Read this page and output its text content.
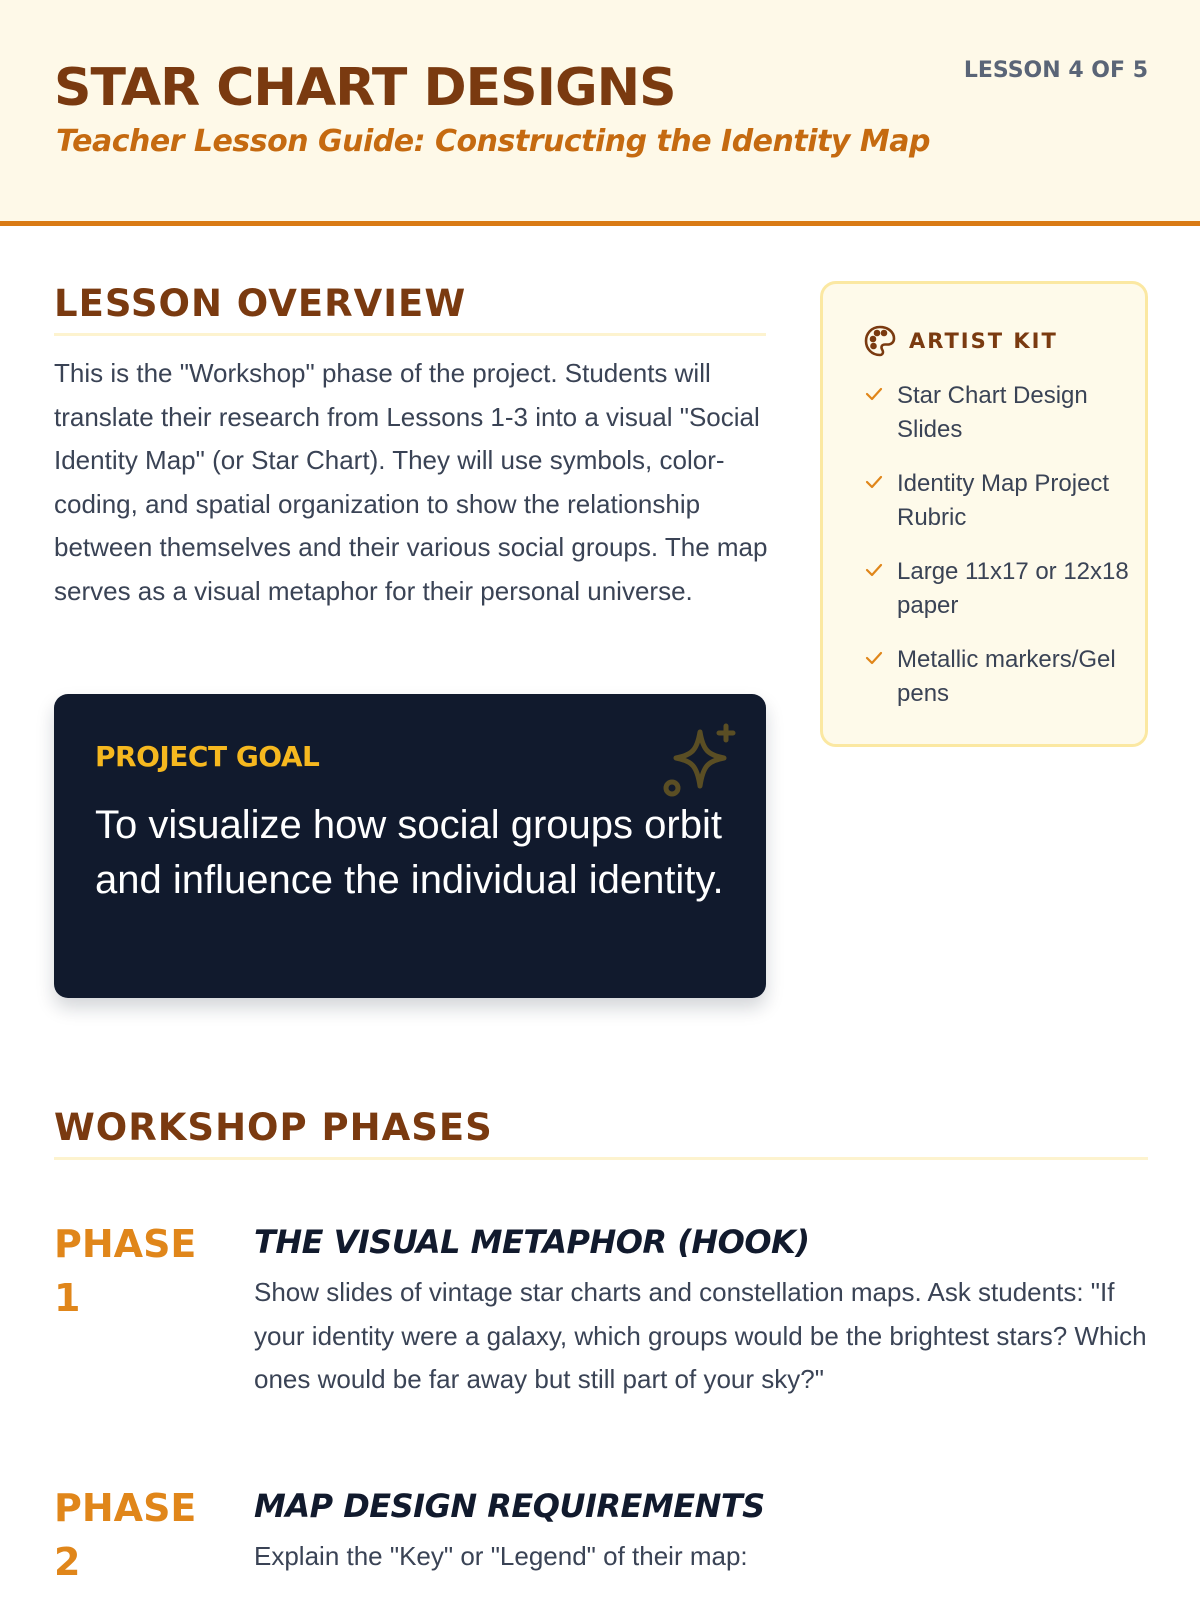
STAR CHART DESIGNS
Teacher Lesson Guide: Constructing the Identity Map
LESSON 4 OF 5
LESSON OVERVIEW

This is the "Workshop" phase of the project. Students will translate their research from Lessons 1-3 into a visual "Social Identity Map" (or Star Chart). They will use symbols, color-coding, and spatial organization to show the relationship between themselves and their various social groups. The map serves as a visual metaphor for their personal universe.

PROJECT GOAL
To visualize how social groups orbit and influence the individual identity.
ARTIST KIT
Star Chart Design Slides
Identity Map Project Rubric
Large 11x17 or 12x18 paper
Metallic markers/Gel pens
WORKSHOP PHASES
PHASE 1
THE VISUAL METAPHOR (HOOK)

Show slides of vintage star charts and constellation maps. Ask students: "If your identity were a galaxy, which groups would be the brightest stars? Which ones would be far away but still part of your sky?"

PHASE 2
MAP DESIGN REQUIREMENTS

Explain the "Key" or "Legend" of their map:
